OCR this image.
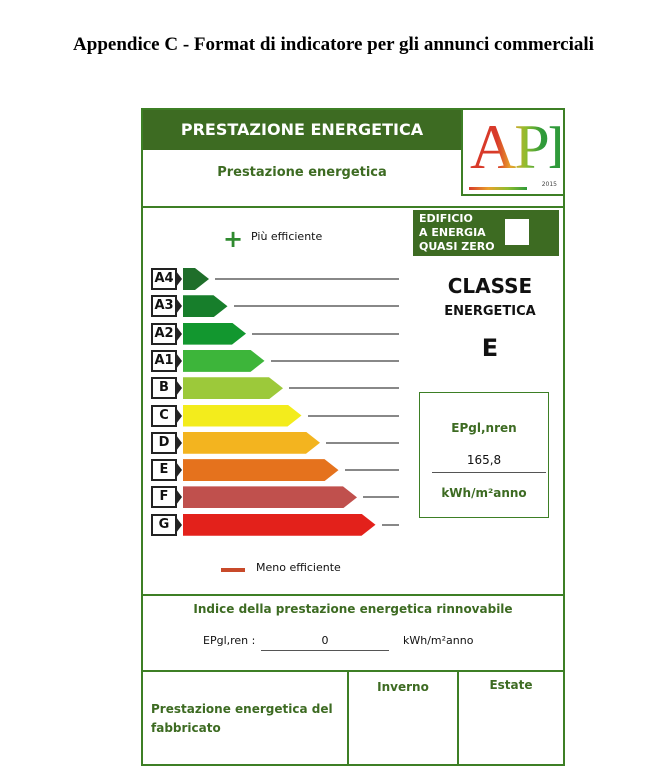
Appendice C - Format di indicatore per gli annunci commerciali
PRESTAZIONE ENERGETICA APE
2015
Prestazione energetica
EDIFICIO
A ENERGIA
QUASI ZERO
+ Più efficiente
A4
A3
A2
A1
B
C
D
E
F
G
Meno efficiente
CLASSE
ENERGETICA
E
EPgl,nren
165,8
kWh/m²anno
Indice della prestazione energetica rinnovabile
EPgl,ren :	0	kWh/m²anno
Prestazione energetica del fabbricato
Inverno	Estate
